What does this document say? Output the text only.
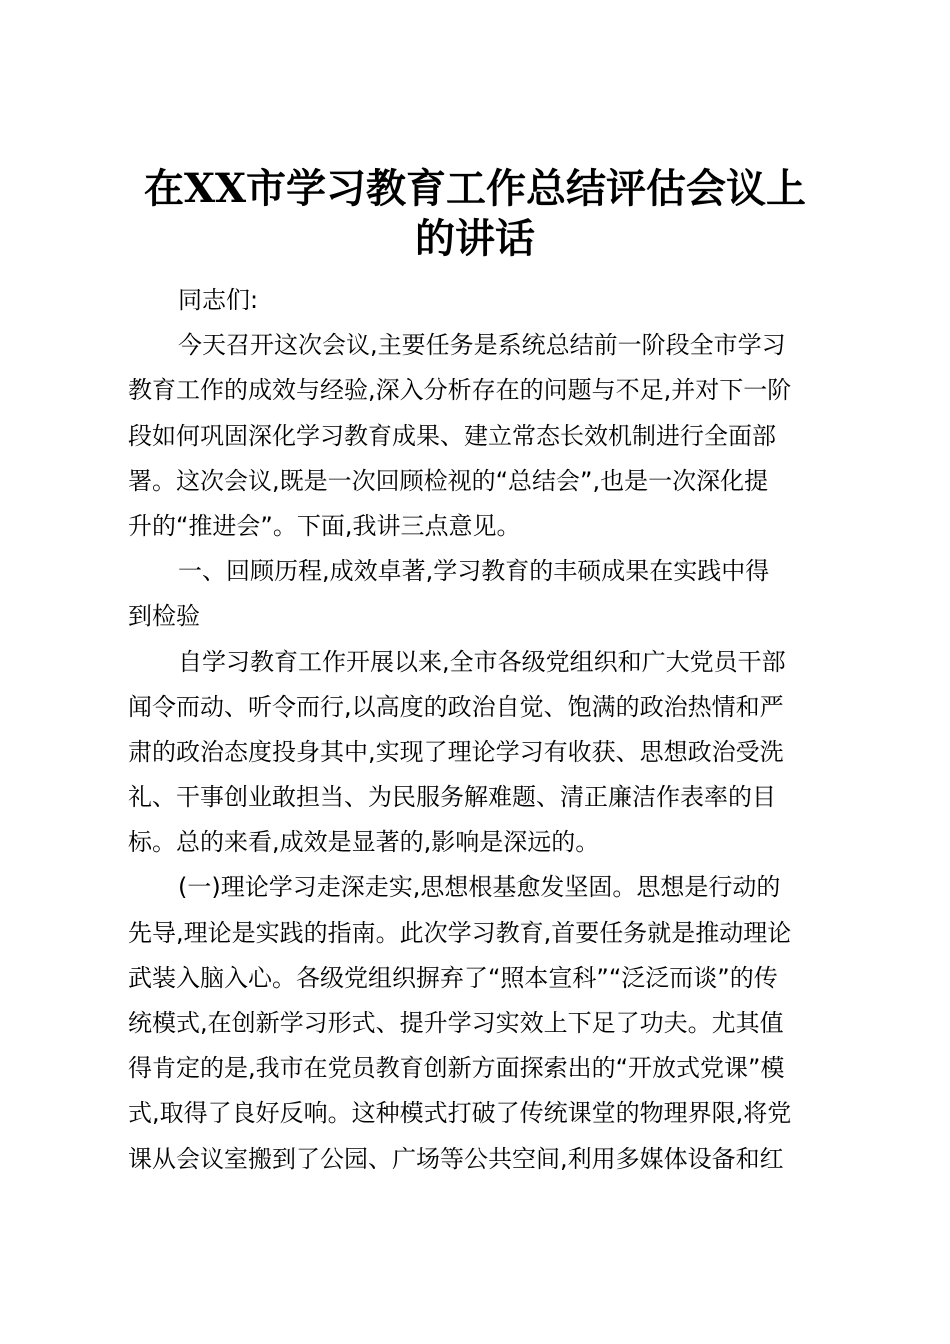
在XX市学习教育工作总结评估会议上
的讲话
同志们:
今天召开这次会议,主要任务是系统总结前一阶段全市学习
教育工作的成效与经验,深入分析存在的问题与不足,并对下一阶
段如何巩固深化学习教育成果、建立常态长效机制进行全面部
署。这次会议,既是一次回顾检视的“总结会”,也是一次深化提
升的“推进会”。下面,我讲三点意见。
一、回顾历程,成效卓著,学习教育的丰硕成果在实践中得
到检验
自学习教育工作开展以来,全市各级党组织和广大党员干部
闻令而动、听令而行,以高度的政治自觉、饱满的政治热情和严
肃的政治态度投身其中,实现了理论学习有收获、思想政治受洗
礼、干事创业敢担当、为民服务解难题、清正廉洁作表率的目
标。总的来看,成效是显著的,影响是深远的。
(一)理论学习走深走实,思想根基愈发坚固。思想是行动的
先导,理论是实践的指南。此次学习教育,首要任务就是推动理论
武装入脑入心。各级党组织摒弃了“照本宣科”“泛泛而谈”的传
统模式,在创新学习形式、提升学习实效上下足了功夫。尤其值
得肯定的是,我市在党员教育创新方面探索出的“开放式党课”模
式,取得了良好反响。这种模式打破了传统课堂的物理界限,将党
课从会议室搬到了公园、广场等公共空间,利用多媒体设备和红
